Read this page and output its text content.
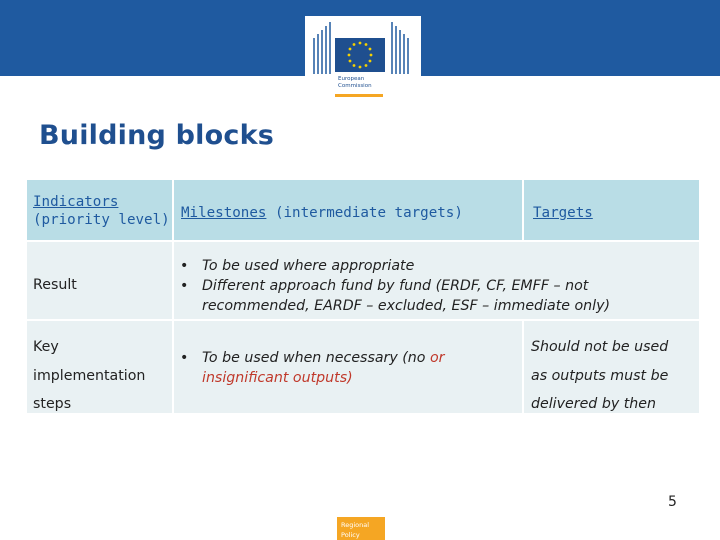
European
Commission
Building blocks
Indicators
(priority level) Milestones (intermediate targets)	Targets
Result
• To be used where appropriate
• Different approach fund by fund (ERDF, CF, EMFF – not recommended, EARDF – excluded, ESF – immediate only)
Key
implementation
steps
• To be used when necessary (no or
insignificant outputs)
Should not be used
as outputs must be
delivered by then
5
Regional
Policy
